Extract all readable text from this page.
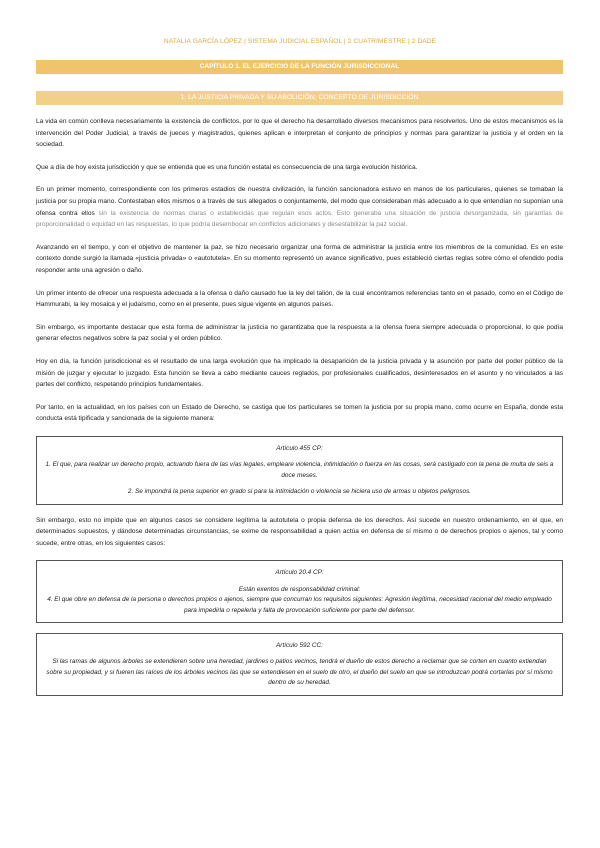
NATALIA GARCÍA LÓPEZ | SISTEMA JUDICIAL ESPAÑOL | 2 CUATRIMESTRE | 2 DADE
CAPÍTULO 1. EL EJERCICIO DE LA FUNCIÓN JURISDICCIONAL
1. LA JUSTICIA PRIVADA Y SU ABOLICIÓN; CONCEPTO DE JURISDICCIÓN

La vida en común conlleva necesariamente la existencia de conflictos, por lo que el derecho ha desarrollado diversos mecanismos para resolverlos. Uno de estos mecanismos es la intervención del Poder Judicial, a través de jueces y magistrados, quienes aplican e interpretan el conjunto de principios y normas para garantizar la justicia y el orden en la sociedad.

Que a día de hoy exista jurisdicción y que se entienda que es una función estatal es consecuencia de una larga evolución histórica.

En un primer momento, correspondiente con los primeros estadios de nuestra civilización, la función sancionadora estuvo en manos de los particulares, quienes se tomaban la justicia por su propia mano. Contestaban ellos mismos o a través de sus allegados o conjuntamente, del modo que consideraban más adecuado a lo que entendían no suponían una ofensa contra ellos sin la existencia de normas claras o establecidas que regulan esos actos. Esto generaba una situación de justicia desorganizada, sin garantías de proporcionalidad o equidad en las respuestas, lo que podría desembocar en conflictos adicionales y desestabilizar la paz social.

Avanzando en el tiempo, y con el objetivo de mantener la paz, se hizo necesario organizar una forma de administrar la justicia entre los miembros de la comunidad. Es en este contexto donde surgió la llamada «justicia privada» o «autotutela». En su momento representó un avance significativo, pues estableció ciertas reglas sobre cómo el ofendido podía responder ante una agresión o daño.

Un primer intento de ofrecer una respuesta adecuada a la ofensa o daño causado fue la ley del talión, de la cual encontramos referencias tanto en el pasado, como en el Código de Hammurabi, la ley mosaica y el judaísmo, como en el presente, pues sigue vigente en algunos países.

Sin embargo, es importante destacar que esta forma de administrar la justicia no garantizaba que la respuesta a la ofensa fuera siempre adecuada o proporcional, lo que podía generar efectos negativos sobre la paz social y el orden público.

Hoy en día, la función jurisdiccional es el resultado de una larga evolución que ha implicado la desaparición de la justicia privada y la asunción por parte del poder público de la misión de juzgar y ejecutar lo juzgado. Esta función se lleva a cabo mediante cauces reglados, por profesionales cualificados, desinteresados en el asunto y no vinculados a las partes del conflicto, respetando principios fundamentales.

Por tanto, en la actualidad, en los países con un Estado de Derecho, se castiga que los particulares se tomen la justicia por su propia mano, como ocurre en España, donde esta conducta está tipificada y sancionada de la siguiente manera:

Artículo 455 CP:
1. El que, para realizar un derecho propio, actuando fuera de las vías legales, empleare violencia, intimidación o fuerza en las cosas, será castigado con la pena de multa de seis a doce meses.
2. Se impondrá la pena superior en grado si para la intimidación o violencia se hiciera uso de armas u objetos peligrosos.

Sin embargo, esto no impide que en algunos casos se considere legítima la autotutela o propia defensa de los derechos. Así sucede en nuestro ordenamiento, en el que, en determinados supuestos, y dándose determinadas circunstancias, se exime de responsabilidad a quien actúa en defensa de sí mismo o de derechos propios o ajenos, tal y como sucede, entre otras, en los siguientes casos:

Artículo 20.4 CP:
Están exentos de responsabilidad criminal:
4. El que obre en defensa de la persona o derechos propios o ajenos, siempre que concurran los requisitos siguientes: Agresión ilegítima, necesidad racional del medio empleado para impedirla o repelerla y falta de provocación suficiente por parte del defensor.
Artículo 592 CC:
Si las ramas de algunos árboles se extendieren sobre una heredad, jardines o patios vecinos, tendrá el dueño de estos derecho a reclamar que se corten en cuanto extiendan sobre su propiedad, y si fueren las raíces de los árboles vecinos las que se extendiesen en el suelo de otro, el dueño del suelo en que se introduzcan podrá cortarlas por sí mismo dentro de su heredad.
